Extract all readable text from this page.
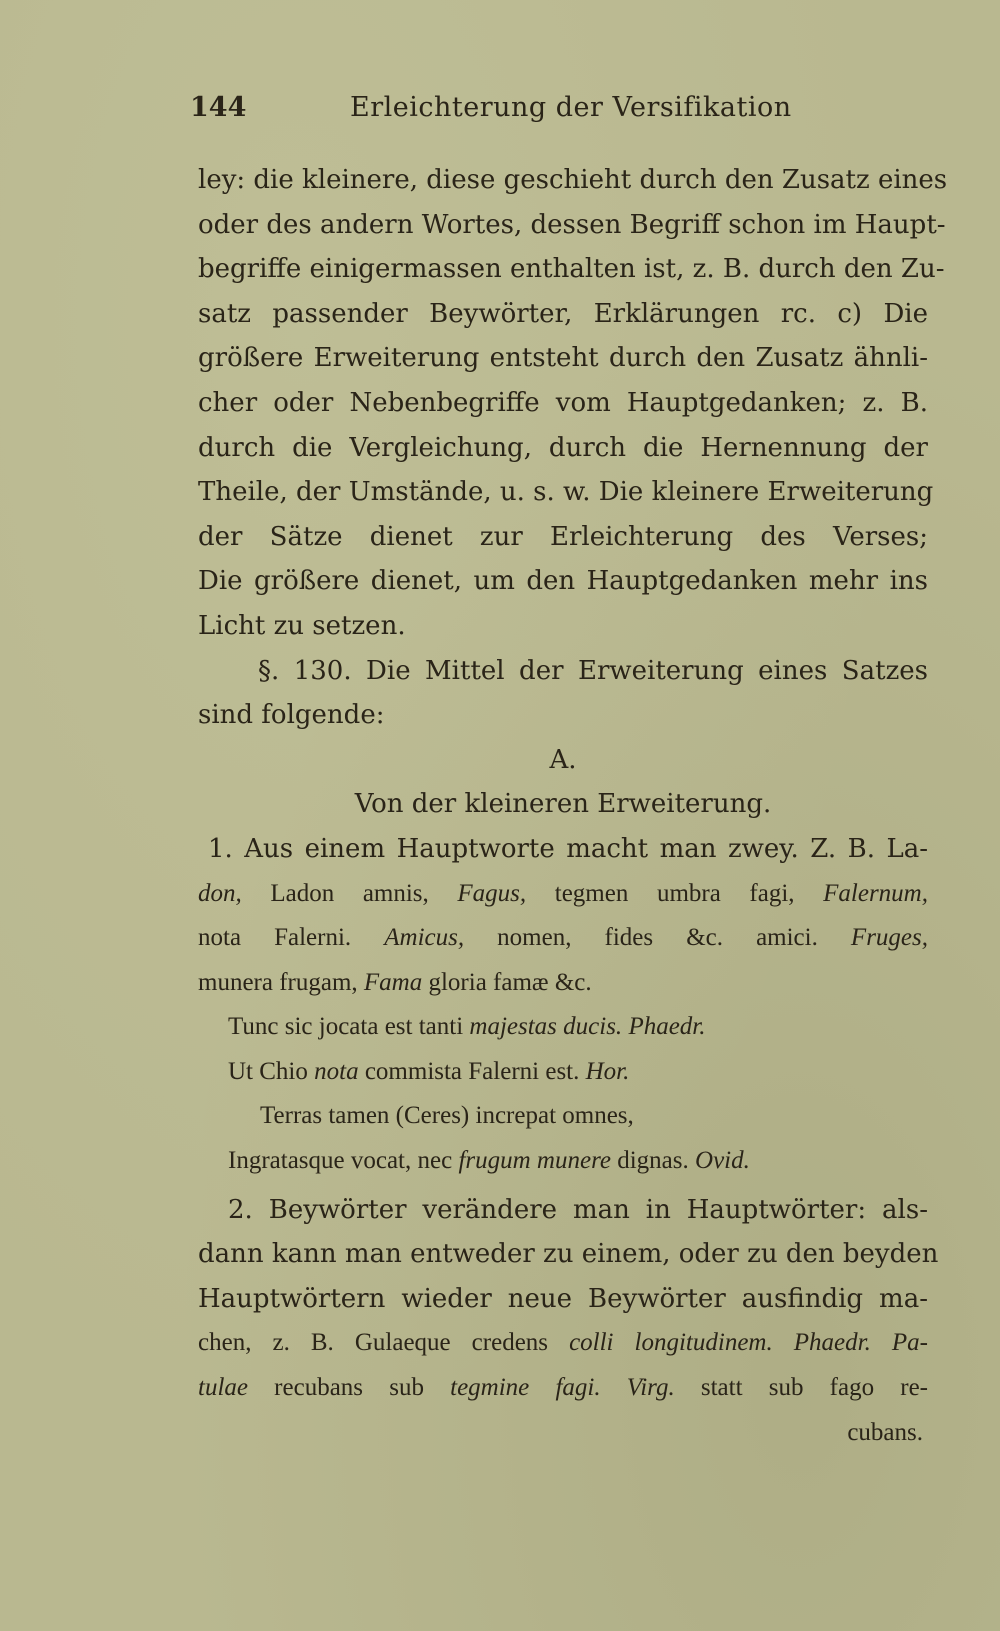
144	Erleichterung der Versifikation
ley: die kleinere, diese geschieht durch den Zusatz eines
oder des andern Wortes, dessen Begriff schon im Haupt-
begriffe einigermassen enthalten ist, z. B. durch den Zu-
satz passender Beywörter, Erklärungen rc. c) Die
größere Erweiterung entsteht durch den Zusatz ähnli-
cher oder Nebenbegriffe vom Hauptgedanken; z. B.
durch die Vergleichung, durch die Hernennung der
Theile, der Umstände, u. s. w. Die kleinere Erweiterung
der Sätze dienet zur Erleichterung des Verses;
Die größere dienet, um den Hauptgedanken mehr ins
Licht zu setzen.
§. 130. Die Mittel der Erweiterung eines Satzes
sind folgende:
A.
Von der kleineren Erweiterung.
1. Aus einem Hauptworte macht man zwey. Z. B. La-
don, Ladon amnis, Fagus, tegmen umbra fagi, Falernum,
nota Falerni. Amicus, nomen, fides &c. amici. Fruges,
munera frugam, Fama gloria famæ &c.
Tunc sic jocata est tanti majestas ducis. Phaedr.
Ut Chio nota commista Falerni est. Hor.
Terras tamen (Ceres) increpat omnes,
Ingratasque vocat, nec frugum munere dignas. Ovid.
2. Beywörter verändere man in Hauptwörter: als-
dann kann man entweder zu einem, oder zu den beyden
Hauptwörtern wieder neue Beywörter ausfindig ma-
chen, z. B. Gulaeque credens colli longitudinem. Phaedr. Pa-
tulae recubans sub tegmine fagi. Virg. statt sub fago re-
cubans.
